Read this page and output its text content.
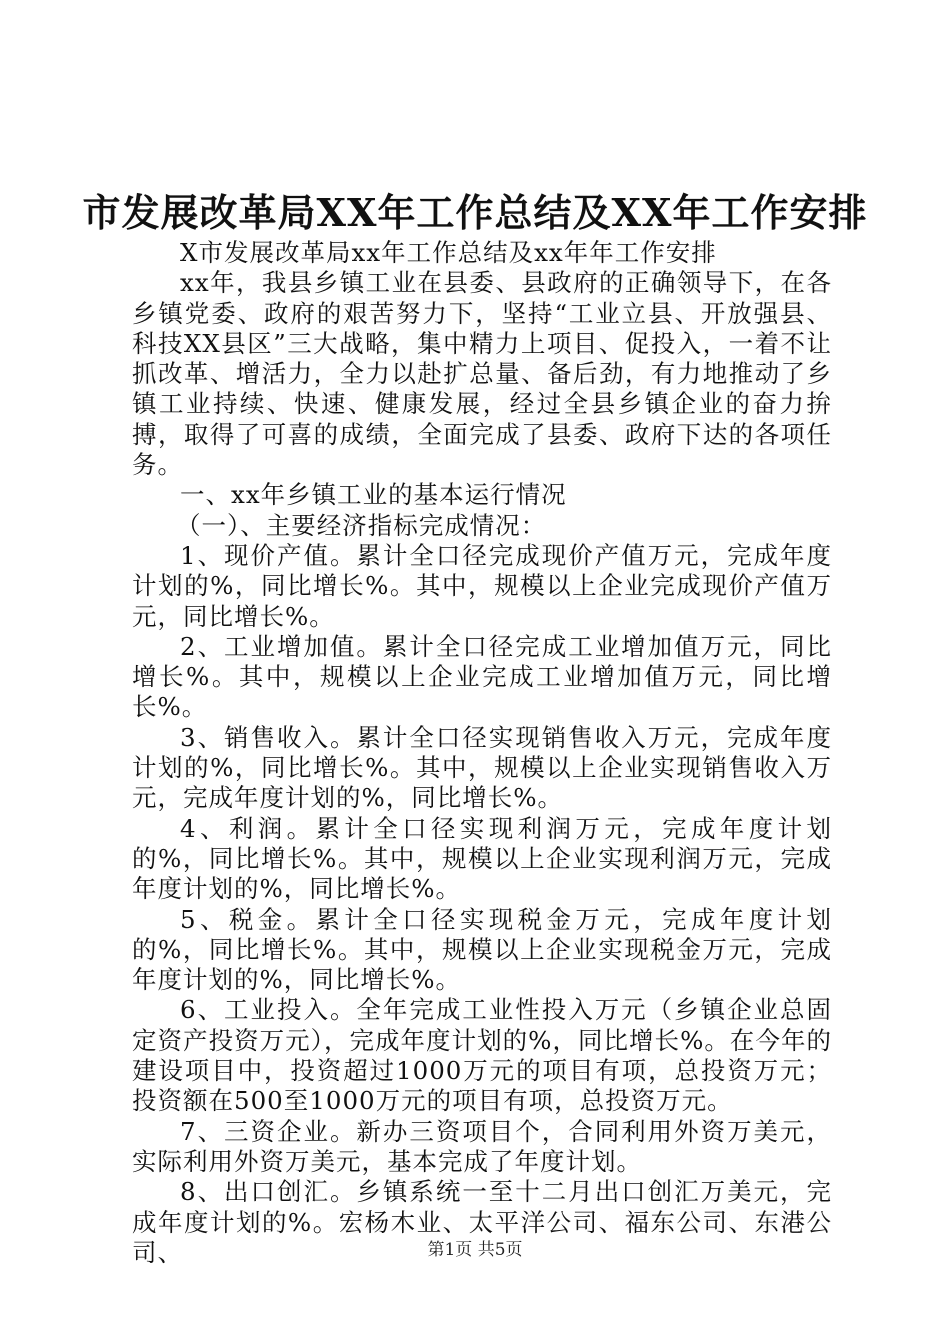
市发展改革局XX年工作总结及XX年工作安排

X市发展改革局xx年工作总结及xx年年工作安排

xx年，我县乡镇工业在县委、县政府的正确领导下，在各乡镇党委、政府的艰苦努力下，坚持“工业立县、开放强县、科技XX县区”三大战略，集中精力上项目、促投入，一着不让抓改革、增活力，全力以赴扩总量、备后劲，有力地推动了乡镇工业持续、快速、健康发展，经过全县乡镇企业的奋力拚搏，取得了可喜的成绩，全面完成了县委、政府下达的各项任务。

一、xx年乡镇工业的基本运行情况

（一）、主要经济指标完成情况：

1、现价产值。累计全口径完成现价产值万元，完成年度计划的%，同比增长%。其中，规模以上企业完成现价产值万元，同比增长%。

2、工业增加值。累计全口径完成工业增加值万元，同比增长%。其中，规模以上企业完成工业增加值万元，同比增长%。

3、销售收入。累计全口径实现销售收入万元，完成年度计划的%，同比增长%。其中，规模以上企业实现销售收入万元，完成年度计划的%，同比增长%。

4、利润。累计全口径实现利润万元，完成年度计划的%，同比增长%。其中，规模以上企业实现利润万元，完成年度计划的%，同比增长%。

5、税金。累计全口径实现税金万元，完成年度计划的%，同比增长%。其中，规模以上企业实现税金万元，完成年度计划的%，同比增长%。

6、工业投入。全年完成工业性投入万元（乡镇企业总固定资产投资万元），完成年度计划的%，同比增长%。在今年的建设项目中，投资超过1000万元的项目有项，总投资万元；投资额在500至1000万元的项目有项，总投资万元。

7、三资企业。新办三资项目个，合同利用外资万美元，实际利用外资万美元，基本完成了年度计划。

8、出口创汇。乡镇系统一至十二月出口创汇万美元，完成年度计划的%。宏杨木业、太平洋公司、福东公司、东港公司、	第1页 共5页
